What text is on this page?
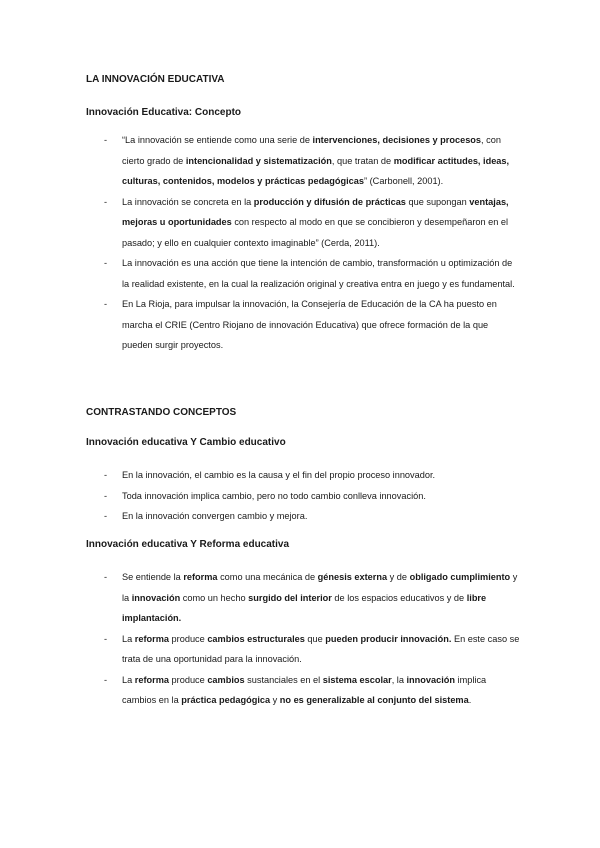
LA INNOVACIÓN EDUCATIVA
Innovación Educativa: Concepto
- “La innovación se entiende como una serie de intervenciones, decisiones y procesos, con cierto grado de intencionalidad y sistematización, que tratan de modificar actitudes, ideas, culturas, contenidos, modelos y prácticas pedagógicas” (Carbonell, 2001).
- La innovación se concreta en la producción y difusión de prácticas que supongan ventajas, mejoras u oportunidades con respecto al modo en que se concibieron y desempeñaron en el pasado; y ello en cualquier contexto imaginable” (Cerda, 2011).
- La innovación es una acción que tiene la intención de cambio, transformación u optimización de la realidad existente, en la cual la realización original y creativa entra en juego y es fundamental.
- En La Rioja, para impulsar la innovación, la Consejería de Educación de la CA ha puesto en marcha el CRIE (Centro Riojano de innovación Educativa) que ofrece formación de la que pueden surgir proyectos.
CONTRASTANDO CONCEPTOS
Innovación educativa Y Cambio educativo
- En la innovación, el cambio es la causa y el fin del propio proceso innovador.
- Toda innovación implica cambio, pero no todo cambio conlleva innovación.
- En la innovación convergen cambio y mejora.
Innovación educativa Y Reforma educativa
- Se entiende la reforma como una mecánica de génesis externa y de obligado cumplimiento y la innovación como un hecho surgido del interior de los espacios educativos y de libre implantación.
- La reforma produce cambios estructurales que pueden producir innovación. En este caso se trata de una oportunidad para la innovación.
- La reforma produce cambios sustanciales en el sistema escolar, la innovación implica cambios en la práctica pedagógica y no es generalizable al conjunto del sistema.
